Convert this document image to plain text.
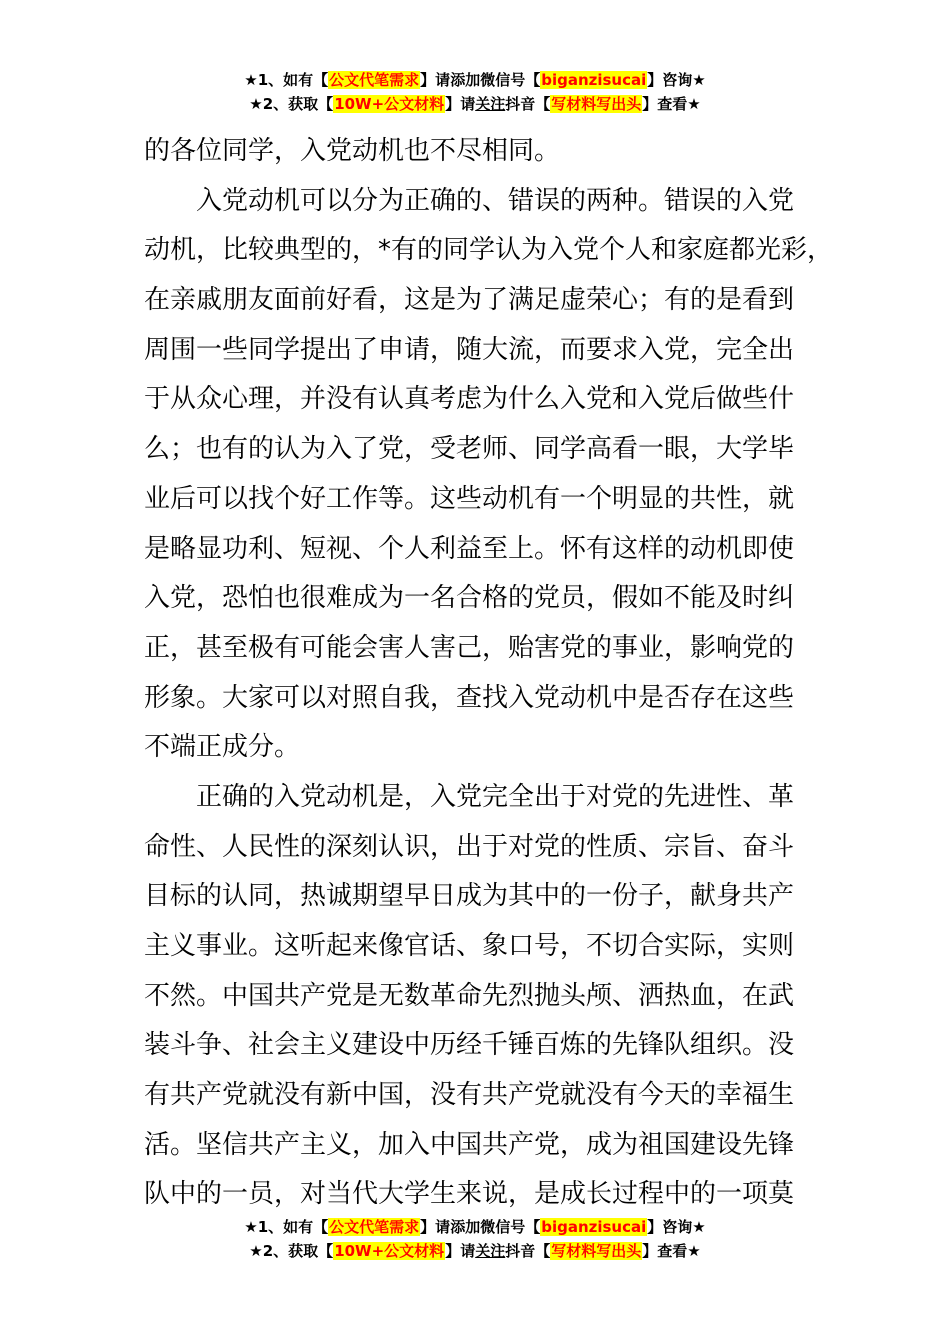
★1、如有【公文代笔需求】请添加微信号【biganzisucai】咨询★
★2、获取【10W+公文材料】请关注抖音【写材料写出头】查看★
的各位同学，入党动机也不尽相同。
　　入党动机可以分为正确的、错误的两种。错误的入党
动机，比较典型的，*有的同学认为入党个人和家庭都光彩，
在亲戚朋友面前好看，这是为了满足虚荣心；有的是看到
周围一些同学提出了申请，随大流，而要求入党，完全出
于从众心理，并没有认真考虑为什么入党和入党后做些什
么；也有的认为入了党，受老师、同学高看一眼，大学毕
业后可以找个好工作等。这些动机有一个明显的共性，就
是略显功利、短视、个人利益至上。怀有这样的动机即使
入党，恐怕也很难成为一名合格的党员，假如不能及时纠
正，甚至极有可能会害人害己，贻害党的事业，影响党的
形象。大家可以对照自我，查找入党动机中是否存在这些
不端正成分。
　　正确的入党动机是，入党完全出于对党的先进性、革
命性、人民性的深刻认识，出于对党的性质、宗旨、奋斗
目标的认同，热诚期望早日成为其中的一份子，献身共产
主义事业。这听起来像官话、象口号，不切合实际，实则
不然。中国共产党是无数革命先烈抛头颅、洒热血，在武
装斗争、社会主义建设中历经千锤百炼的先锋队组织。没
有共产党就没有新中国，没有共产党就没有今天的幸福生
活。坚信共产主义，加入中国共产党，成为祖国建设先锋
队中的一员，对当代大学生来说，是成长过程中的一项莫
★1、如有【公文代笔需求】请添加微信号【biganzisucai】咨询★
★2、获取【10W+公文材料】请关注抖音【写材料写出头】查看★
